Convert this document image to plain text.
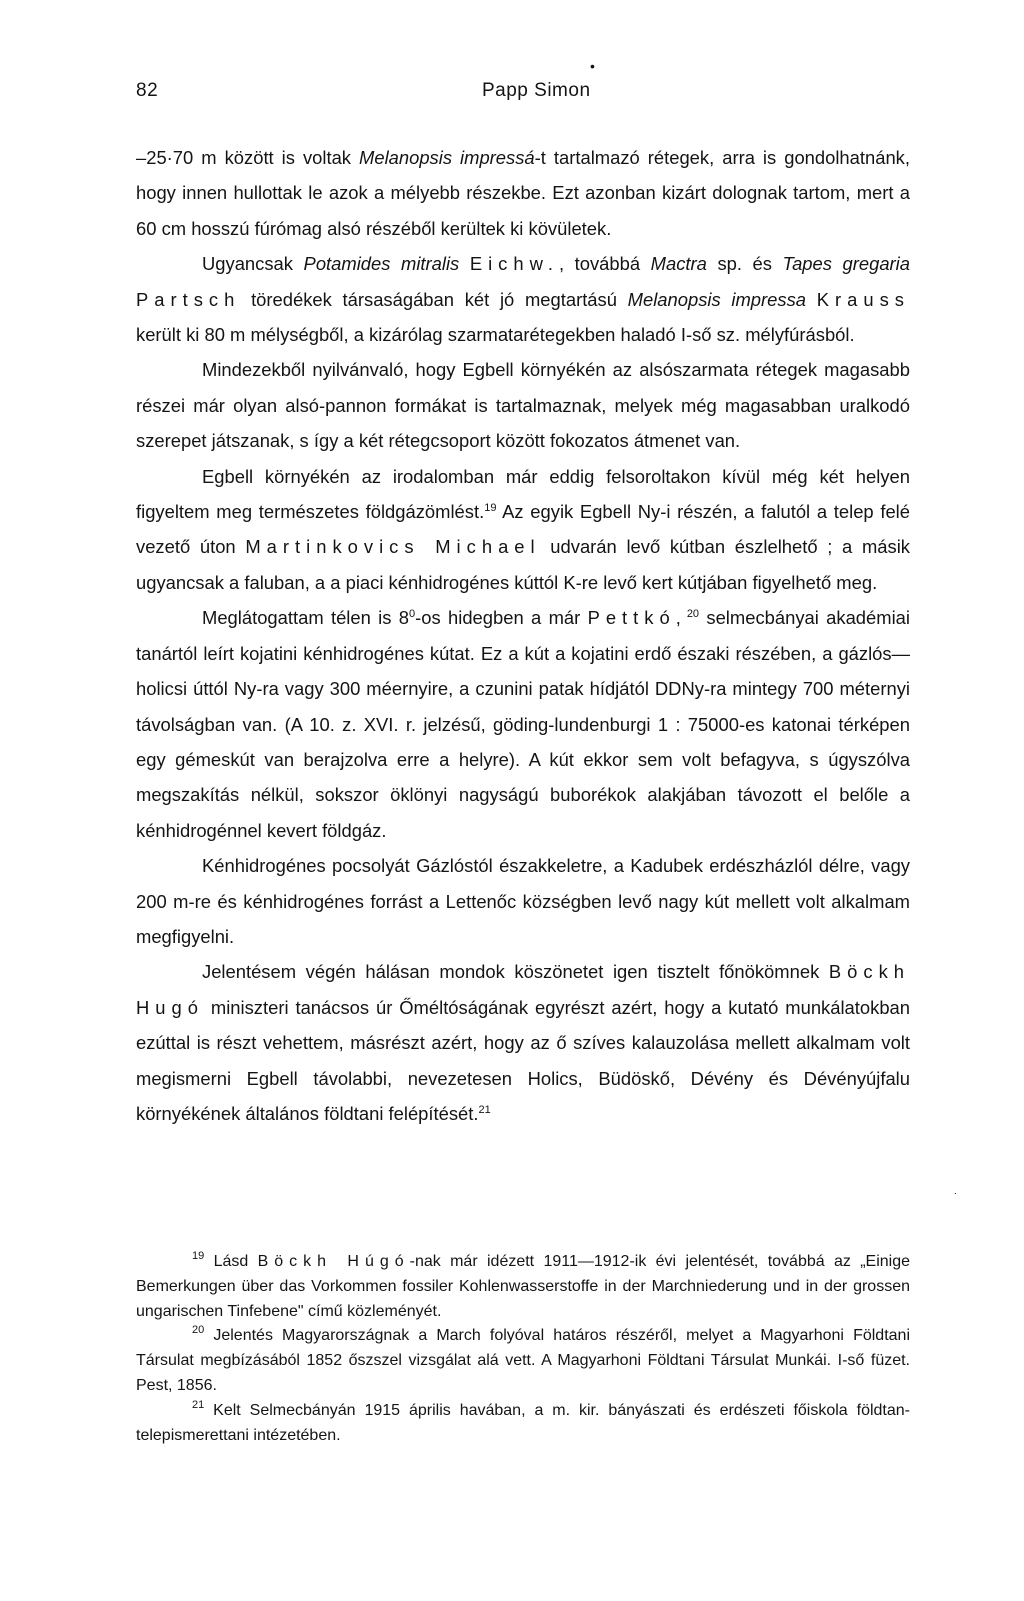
82	Papp Simon
•

–25·70 m között is voltak Melanopsis impressá-t tartalmazó rétegek, arra is gondolhatnánk, hogy innen hullottak le azok a mélyebb részekbe. Ezt azonban kizárt dolognak tartom, mert a 60 cm hosszú fúrómag alsó részéből kerültek ki kövületek.

Ugyancsak Potamides mitralis Eichw., továbbá Mactra sp. és Tapes gregaria Partsch töredékek társaságában két jó megtartású Melanopsis impressa Krauss került ki 80 m mélységből, a kizárólag szarmatarétegekben haladó I-ső sz. mélyfúrásból.

Mindezekből nyilvánvaló, hogy Egbell környékén az alsószarmata rétegek magasabb részei már olyan alsó-pannon formákat is tartalmaznak, melyek még magasabban uralkodó szerepet játszanak, s így a két rétegcsoport között fokozatos átmenet van.

Egbell környékén az irodalomban már eddig felsoroltakon kívül még két helyen figyeltem meg természetes földgázömlést.$^{19}$ Az egyik Egbell Ny-i részén, a falutól a telep felé vezető úton Martinkovics Michael udvarán levő kútban észlelhető ; a másik ugyancsak a faluban, a a piaci kénhidrogénes kúttól K-re levő kert kútjában figyelhető meg.

Meglátogattam télen is $8^0-os$ hidegben a már Pettkó,$^{20}$ selmecbányai akadémiai tanártól leírt kojatini kénhidrogénes kútat. Ez a kút a kojatini erdő északi részében, a gázlós—holicsi úttól Ny-ra vagy 300 méernyire, a czunini patak hídjától DDNy-ra mintegy 700 méternyi távolságban van. (A 10. z. XVI. r. jelzésű, göding-lundenburgi 1 : 75000-es katonai térképen egy gémeskút van berajzolva erre a helyre). A kút ekkor sem volt befagyva, s úgyszólva megszakítás nélkül, sokszor öklönyi nagyságú buborékok alakjában távozott el belőle a kénhidrogénnel kevert földgáz.

Kénhidrogénes pocsolyát Gázlóstól északkeletre, a Kadubek erdészházlól délre, vagy 200 m-re és kénhidrogénes forrást a Lettenőc községben levő nagy kút mellett volt alkalmam megfigyelni.

Jelentésem végén hálásan mondok köszönetet igen tisztelt főnökömnek Böckh Hugó miniszteri tanácsos úr Őméltóságának egyrészt azért, hogy a kutató munkálatokban ezúttal is részt vehettem, másrészt azért, hogy az ő szíves kalauzolása mellett alkalmam volt megismerni Egbell távolabbi, nevezetesen Holics, Büdöskő, Dévény és Dévényújfalu környékének általános földtani felépítését.$^{21}$

.

$^{19}$ Lásd Böckh Húgó-nak már idézett 1911—1912-ik évi jelentését, továbbá az „Einige Bemerkungen über das Vorkommen fossiler Kohlenwasserstoffe in der Marchniederung und in der grossen ungarischen Tinfebene" című közleményét.

$^{20}$ Jelentés Magyarországnak a March folyóval határos részéről, melyet a Magyarhoni Földtani Társulat megbízásából 1852 őszszel vizsgálat alá vett. A Magyarhoni Földtani Társulat Munkái. I-ső füzet. Pest, 1856.

$^{21}$ Kelt Selmecbányán 1915 április havában, a m. kir. bányászati és erdészeti főiskola földtan-telepismerettani intézetében.
